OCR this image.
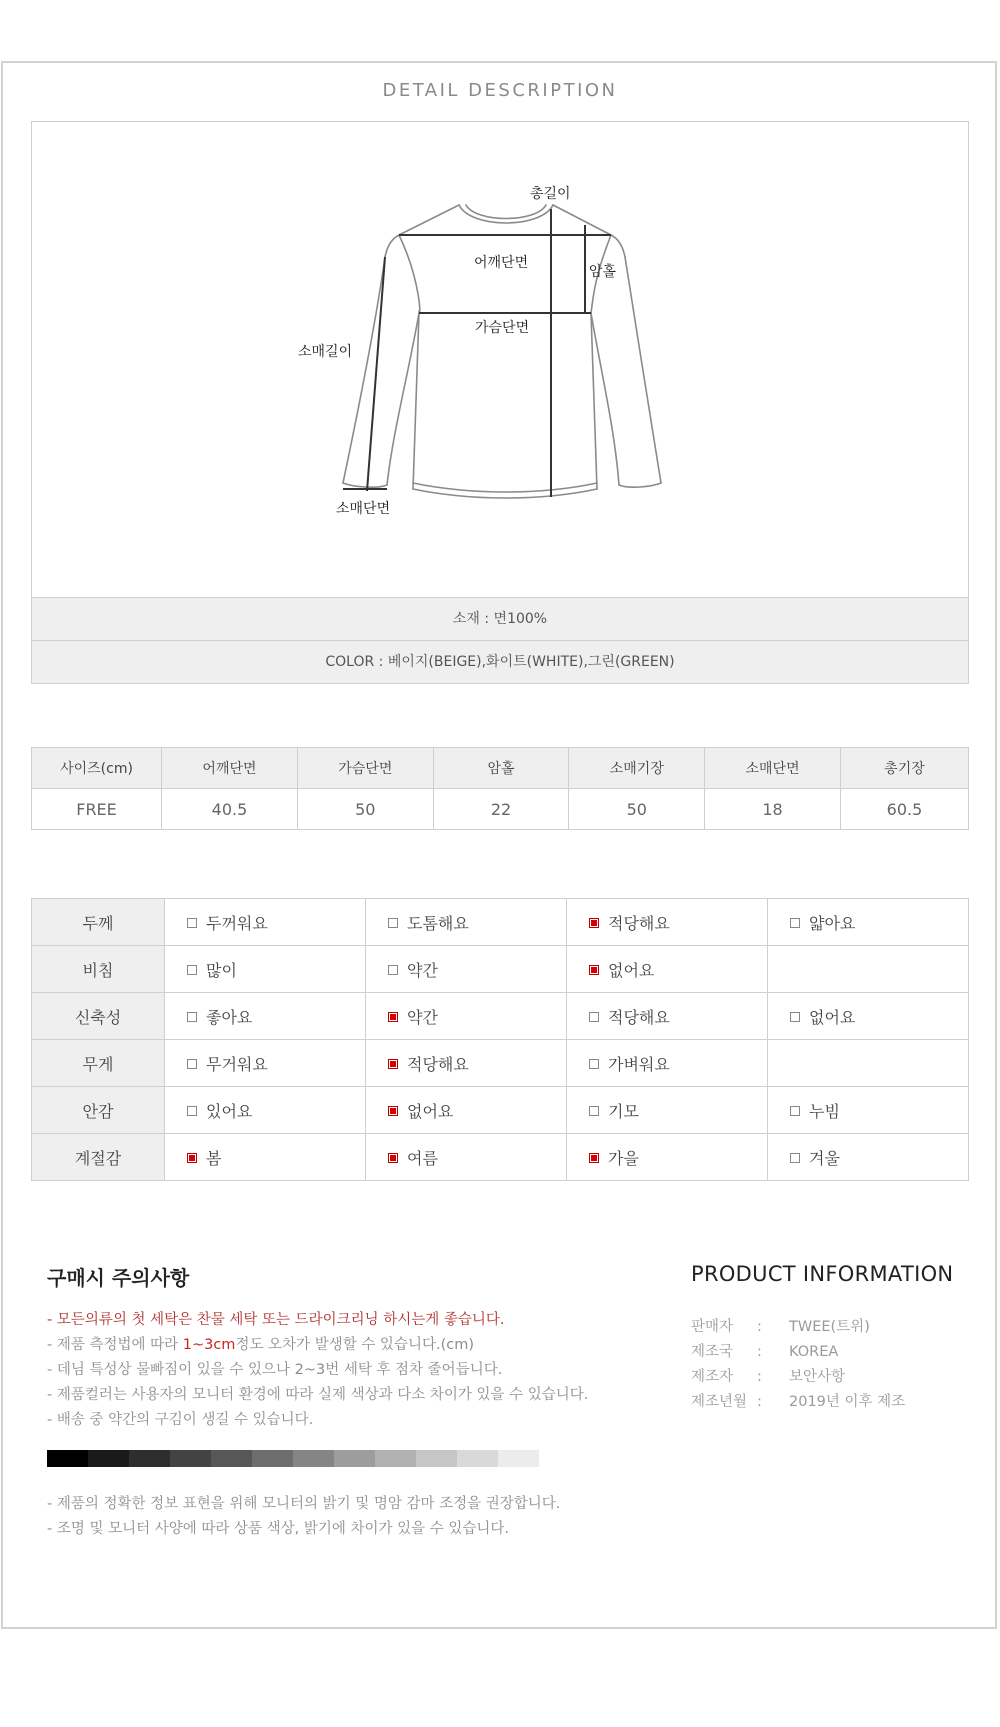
DETAIL DESCRIPTION
총길이
어깨단면
암홀
가슴단면
소매길이
소매단면
소재 : 면100%
COLOR : 베이지(BEIGE),화이트(WHITE),그린(GREEN)
사이즈(cm)	어깨단면	가슴단면	암홀	소매기장	소매단면	총기장
FREE	40.5	50	22	50	18	60.5
두께	두꺼워요	도톰해요	적당해요	얇아요
비침	많이	약간	없어요	
신축성	좋아요	약간	적당해요	없어요
무게	무거워요	적당해요	가벼워요	
안감	있어요	없어요	기모	누빔
계절감	봄	여름	가을	겨울
구매시 주의사항
- 모든의류의 첫 세탁은 찬물 세탁 또는 드라이크리닝 하시는게 좋습니다.
- 제품 측정법에 따라 1~3cm정도 오차가 발생할 수 있습니다.(cm)
- 데님 특성상 물빠짐이 있을 수 있으나 2~3번 세탁 후 점차 줄어듭니다.
- 제품컬러는 사용자의 모니터 환경에 따라 실제 색상과 다소 차이가 있을 수 있습니다.
- 배송 중 약간의 구김이 생길 수 있습니다.
- 제품의 정확한 정보 표현을 위해 모니터의 밝기 및 명암 감마 조정을 권장합니다.
- 조명 및 모니터 사양에 따라 상품 색상, 밝기에 차이가 있을 수 있습니다.
PRODUCT INFORMATION
판매자 : TWEE(트위)
제조국 : KOREA
제조자 : 보안사항
제조년월 : 2019년 이후 제조
